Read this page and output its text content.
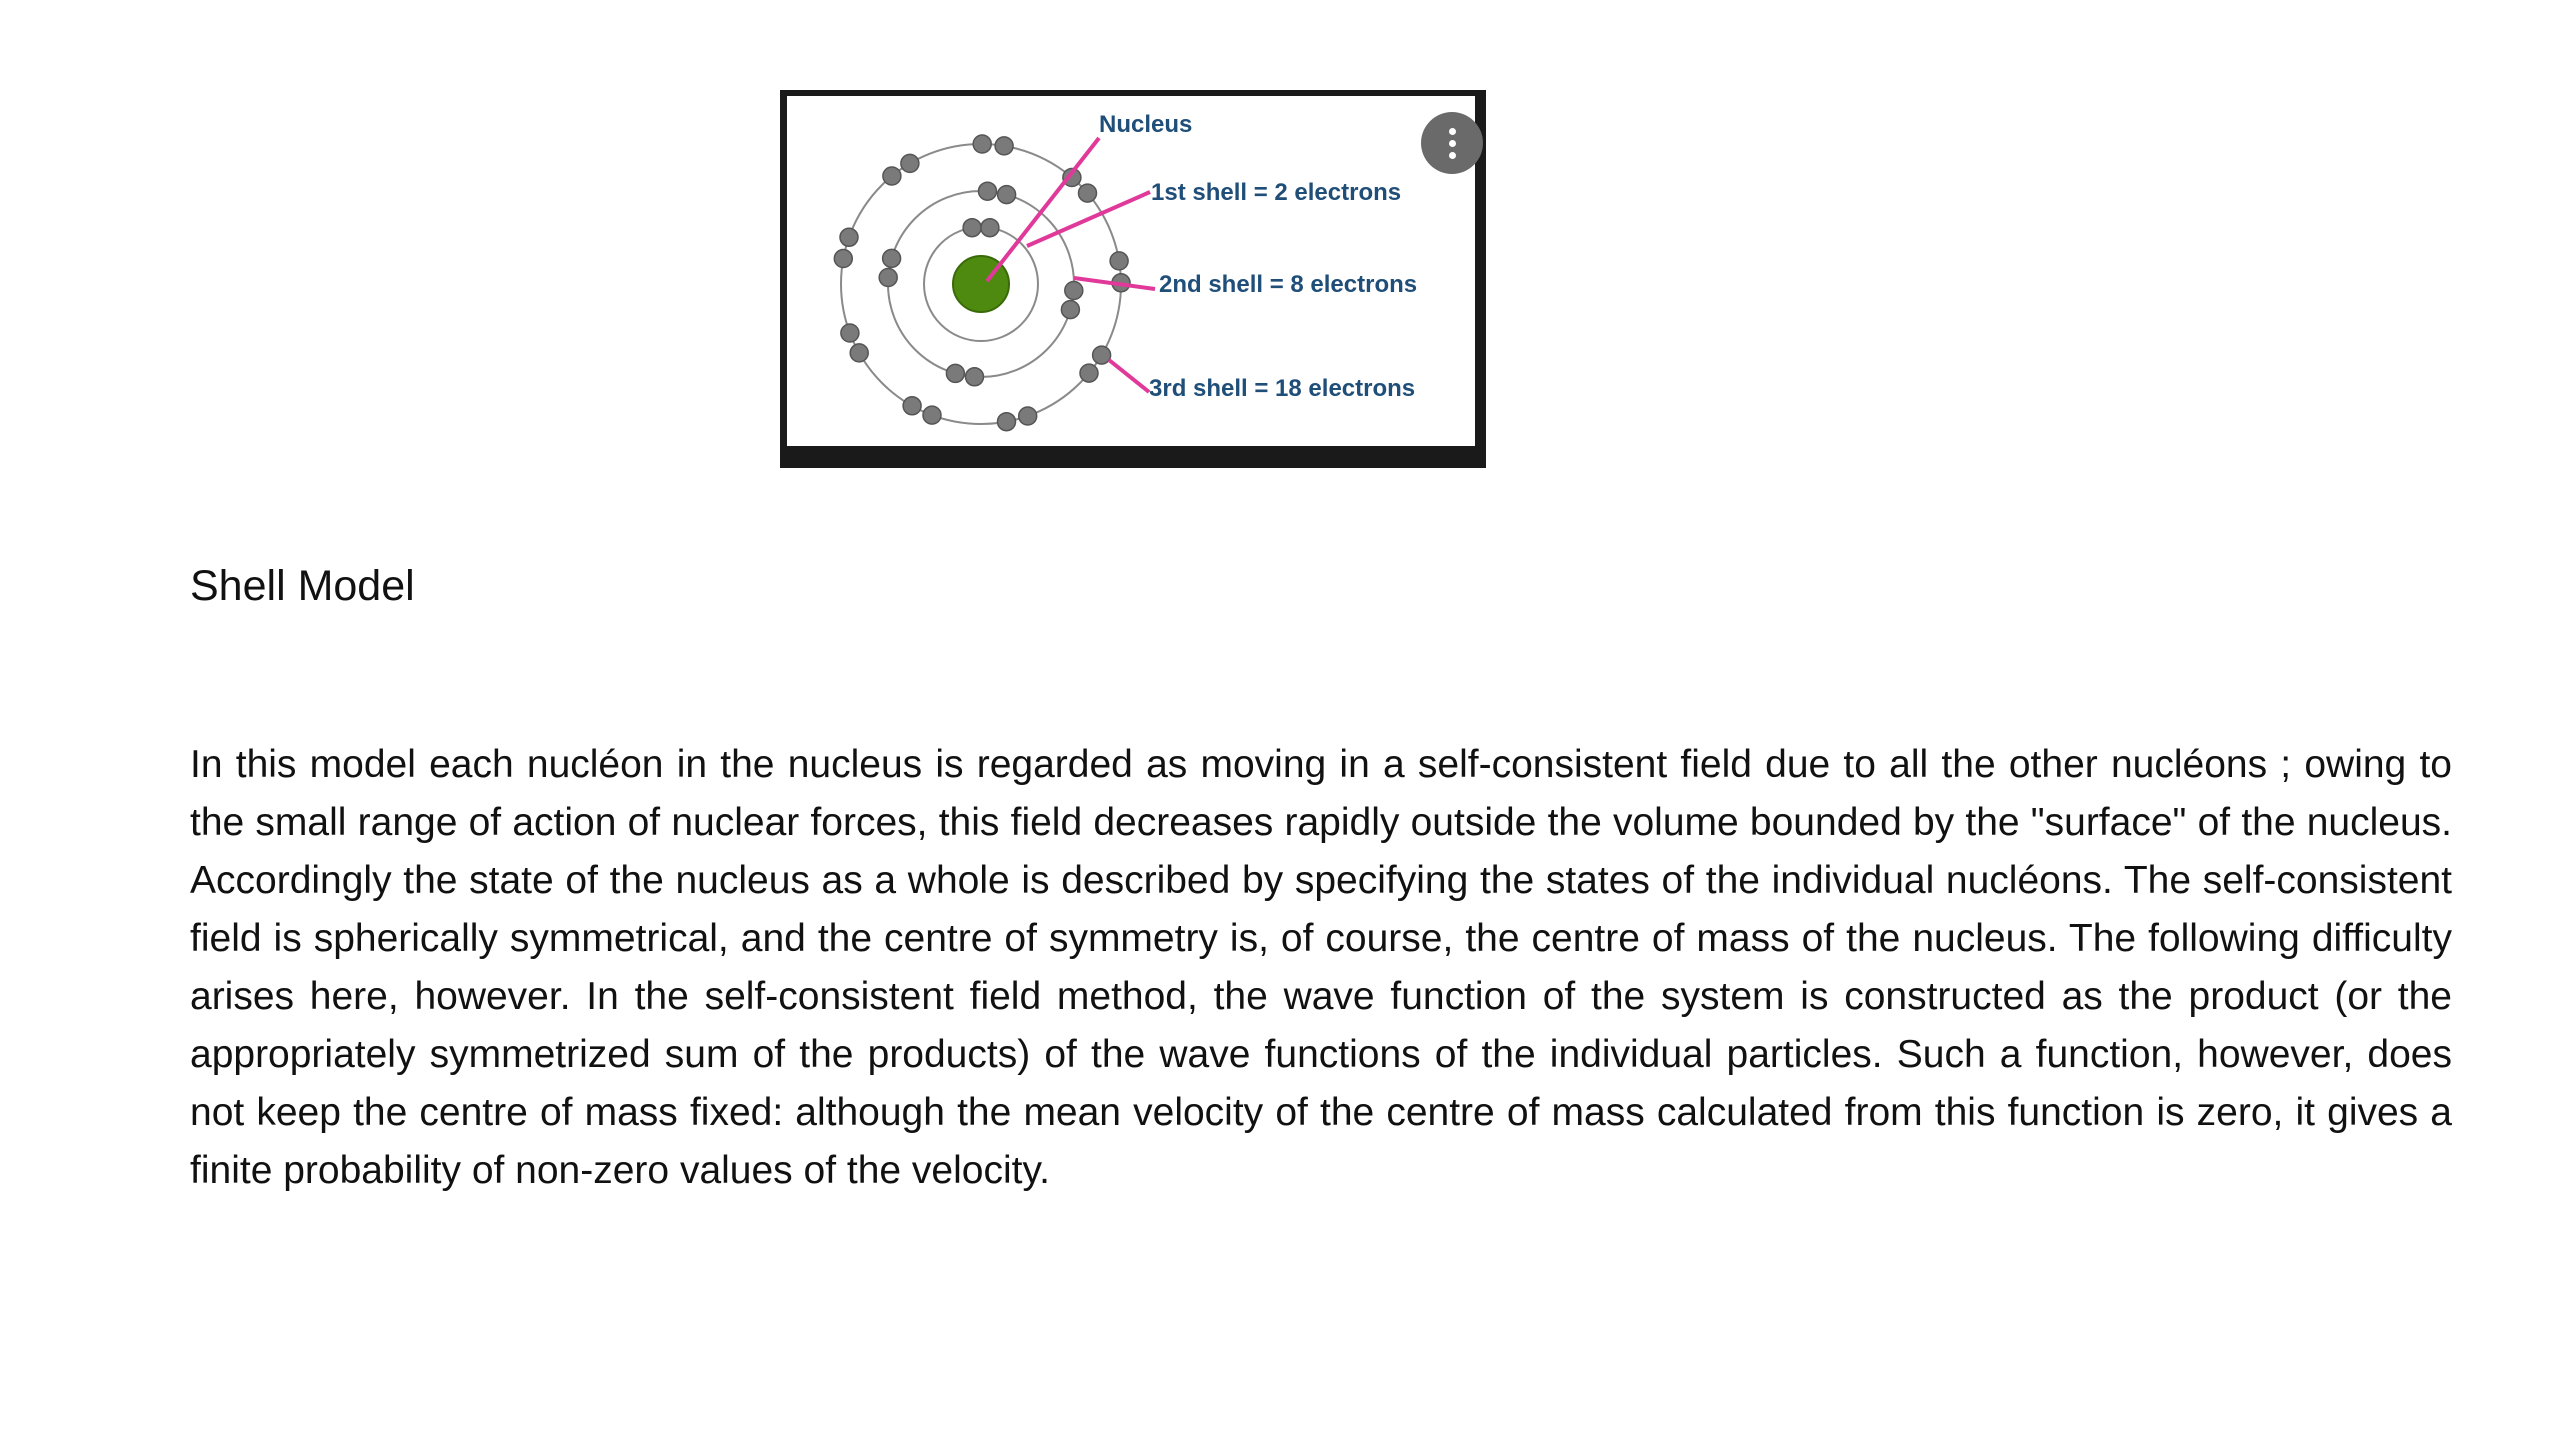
Nucleus
1st shell = 2 electrons
2nd shell = 8 electrons
3rd shell = 18 electrons
Shell Model

In this model each nucléon in the nucleus is regarded as moving in a self-consistent field due to all the other nucléons ; owing to the small range of action of nuclear forces, this field decreases rapidly outside the volume bounded by the "surface" of the nucleus. Accordingly the state of the nucleus as a whole is described by specifying the states of the individual nucléons. The self-consistent field is spherically symmetrical, and the centre of symmetry is, of course, the centre of mass of the nucleus. The following difficulty arises here, however. In the self-consistent field method, the wave function of the system is constructed as the product (or the appropriately symmetrized sum of the products) of the wave functions of the individual particles. Such a function, however, does not keep the centre of mass fixed: although the mean velocity of the centre of mass calculated from this function is zero, it gives a finite probability of non-zero values of the velocity.
